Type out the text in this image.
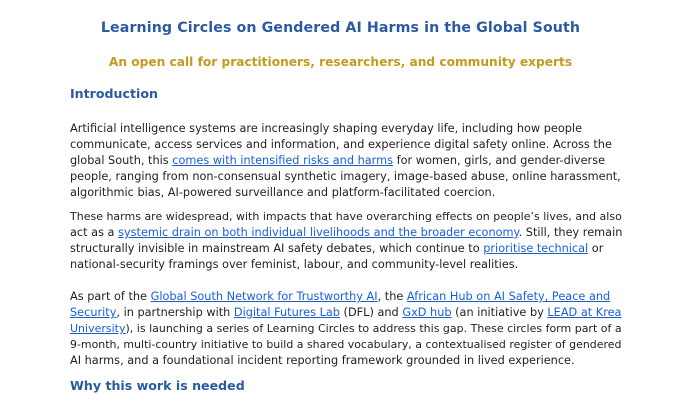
Learning Circles on Gendered AI Harms in the Global South
An open call for practitioners, researchers, and community experts
Introduction
Artificial intelligence systems are increasingly shaping everyday life, including how people
communicate, access services and information, and experience digital safety online. Across the
global South, this comes with intensified risks and harms for women, girls, and gender-diverse
people, ranging from non-consensual synthetic imagery, image-based abuse, online harassment,
algorithmic bias, AI-powered surveillance and platform-facilitated coercion.
These harms are widespread, with impacts that have overarching effects on people’s lives, and also
act as a systemic drain on both individual livelihoods and the broader economy. Still, they remain
structurally invisible in mainstream AI safety debates, which continue to prioritise technical or
national-security framings over feminist, labour, and community-level realities.
As part of the Global South Network for Trustworthy AI, the African Hub on AI Safety, Peace and
Security, in partnership with Digital Futures Lab (DFL) and GxD hub (an initiative by LEAD at Krea
University), is launching a series of Learning Circles to address this gap. These circles form part of a
9-month, multi-country initiative to build a shared vocabulary, a contextualised register of gendered
AI harms, and a foundational incident reporting framework grounded in lived experience.
Why this work is needed
